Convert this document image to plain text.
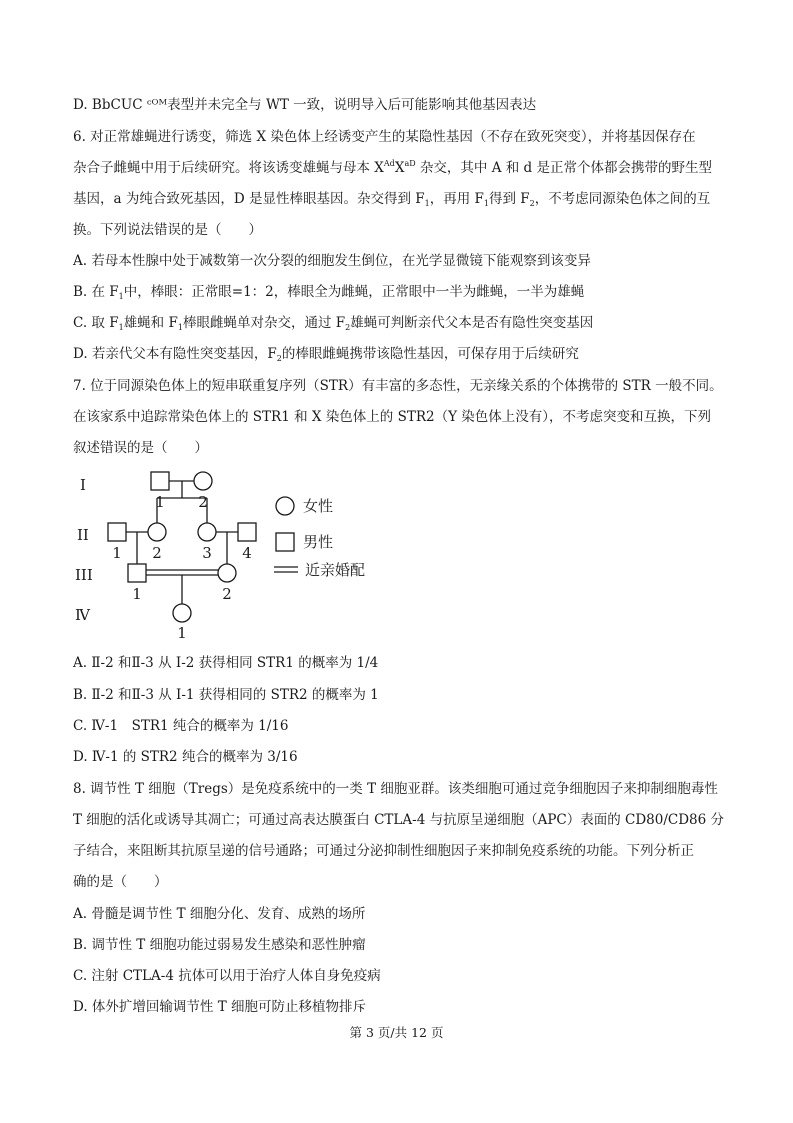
D. BbCUC ᶜᴼᴹ表型并未完全与 WT 一致，说明导入后可能影响其他基因表达
6. 对正常雄蝇进行诱变，筛选 X 染色体上经诱变产生的某隐性基因（不存在致死突变），并将基因保存在
杂合子雌蝇中用于后续研究。将该诱变雄蝇与母本 $X^{Ad}X^{aD}$ 杂交，其中 A 和 d 是正常个体都会携带的野生型
基因，a 为纯合致死基因，D 是显性棒眼基因。杂交得到 $F_1$，再用 $F_1$得到 $F_2$，不考虑同源染色体之间的互
换。下列说法错误的是（　　）
A. 若母本性腺中处于减数第一次分裂的细胞发生倒位，在光学显微镜下能观察到该变异
B. 在 $F_1$中，棒眼：正常眼=1：2，棒眼全为雌蝇，正常眼中一半为雌蝇，一半为雄蝇
C. 取 $F_1$雄蝇和 $F_1$棒眼雌蝇单对杂交，通过 $F_2$雄蝇可判断亲代父本是否有隐性突变基因
D. 若亲代父本有隐性突变基因，$F_2$的棒眼雌蝇携带该隐性基因，可保存用于后续研究
7. 位于同源染色体上的短串联重复序列（STR）有丰富的多态性，无亲缘关系的个体携带的 STR 一般不同。
在该家系中追踪常染色体上的 STR1 和 X 染色体上的 STR2（Y 染色体上没有），不考虑突变和互换，下列
叙述错误的是（　　）
I
II
III
Ⅳ
1 2
1 2	3 4
1	2
1
女性
男性
近亲婚配
A. Ⅱ-2 和Ⅱ-3 从 I-2 获得相同 STR1 的概率为 1/4
B. Ⅱ-2 和Ⅱ-3 从 I-1 获得相同的 STR2 的概率为 1
C. Ⅳ-1　STR1 纯合的概率为 1/16
D. Ⅳ-1 的 STR2 纯合的概率为 3/16
8. 调节性 T 细胞（Tregs）是免疫系统中的一类 T 细胞亚群。该类细胞可通过竞争细胞因子来抑制细胞毒性
T 细胞的活化或诱导其凋亡；可通过高表达膜蛋白 CTLA-4 与抗原呈递细胞（APC）表面的 CD80/CD86 分
子结合，来阻断其抗原呈递的信号通路；可通过分泌抑制性细胞因子来抑制免疫系统的功能。下列分析正
确的是（　　）
A. 骨髓是调节性 T 细胞分化、发育、成熟的场所
B. 调节性 T 细胞功能过弱易发生感染和恶性肿瘤
C. 注射 CTLA-4 抗体可以用于治疗人体自身免疫病
D. 体外扩增回输调节性 T 细胞可防止移植物排斥
第 3 页/共 12 页
